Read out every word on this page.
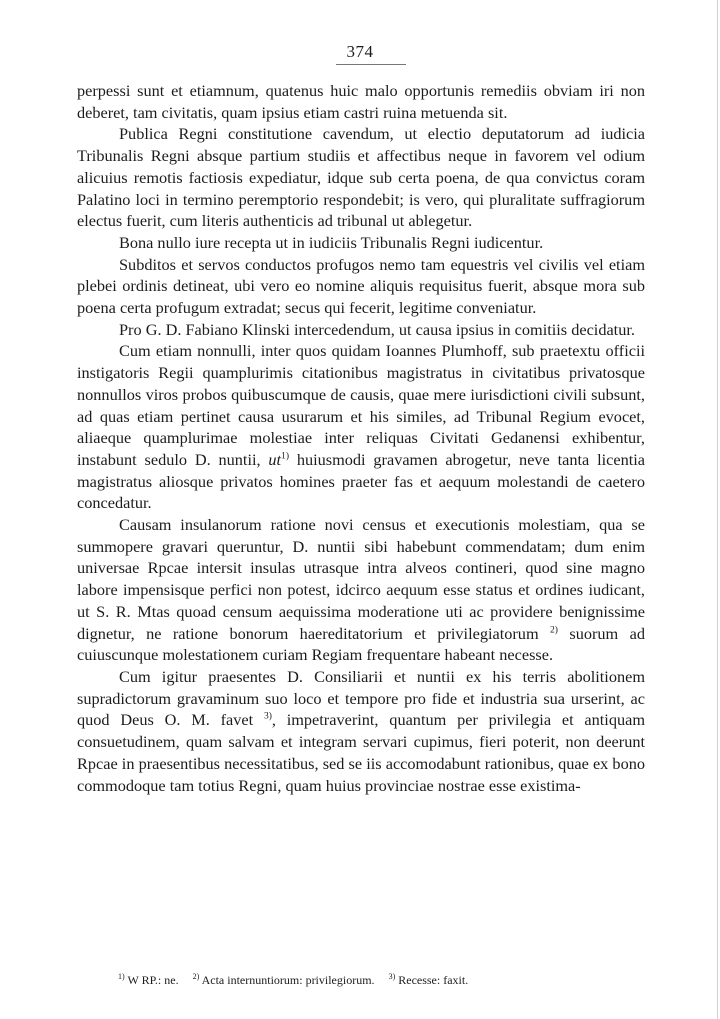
374

perpessi sunt et etiamnum, quatenus huic malo opportunis remediis obviam iri non deberet, tam civitatis, quam ipsius etiam castri ruina metuenda sit.

Publica Regni constitutione cavendum, ut electio deputatorum ad iudicia Tribunalis Regni absque partium studiis et affectibus neque in favorem vel odium alicuius remotis factiosis expediatur, idque sub certa poena, de qua convictus coram Palatino loci in termino peremptorio respondebit; is vero, qui pluralitate suffragiorum electus fuerit, cum literis authenticis ad tribunal ut ablegetur.

Bona nullo iure recepta ut in iudiciis Tribunalis Regni iudicentur.

Subditos et servos conductos profugos nemo tam equestris vel civilis vel etiam plebei ordinis detineat, ubi vero eo nomine aliquis requisitus fuerit, absque mora sub poena certa profugum extradat; secus qui fecerit, legitime conveniatur.

Pro G. D. Fabiano Klinski intercedendum, ut causa ipsius in comitiis decidatur.

Cum etiam nonnulli, inter quos quidam Ioannes Plumhoff, sub praetextu officii instigatoris Regii quamplurimis citationibus magistratus in civitatibus privatosque nonnullos viros probos quibuscumque de causis, quae mere iurisdictioni civili subsunt, ad quas etiam pertinet causa usurarum et his similes, ad Tribunal Regium evocet, aliaeque quamplurimae molestiae inter reliquas Civitati Gedanensi exhibentur, instabunt sedulo D. nuntii, $ut^{1)}$ huiusmodi gravamen abrogetur, neve tanta licentia magistratus aliosque privatos homines praeter fas et aequum molestandi de caetero concedatur.

Causam insulanorum ratione novi census et executionis molestiam, qua se summopere gravari queruntur, D. nuntii sibi habebunt commendatam; dum enim universae Rpcae intersit insulas utrasque intra alveos contineri, quod sine magno labore impensisque perfici non potest, idcirco aequum esse status et ordines iudicant, ut S. R. Mtas quoad censum aequissima moderatione uti ac providere benignissime dignetur, ne ratione bonorum haereditatorium et privilegiatorum $^{2)}$ suorum ad cuiuscunque molestationem curiam Regiam frequentare habeant necesse.

Cum igitur praesentes D. Consiliarii et nuntii ex his terris abolitionem supradictorum gravaminum suo loco et tempore pro fide et industria sua urserint, ac quod Deus O. M. favet $^{3)}$, impetraverint, quantum per privilegia et antiquam consuetudinem, quam salvam et integram servari cupimus, fieri poterit, non deerunt Rpcae in praesentibus necessitatibus, sed se iis accomodabunt rationibus, quae ex bono commodoque tam totius Regni, quam huius provinciae nostrae esse existima-

$^{1)}$ W RP.: ne. $^{2)}$ Acta internuntiorum: privilegiorum. $^{3)}$ Recesse: faxit.
